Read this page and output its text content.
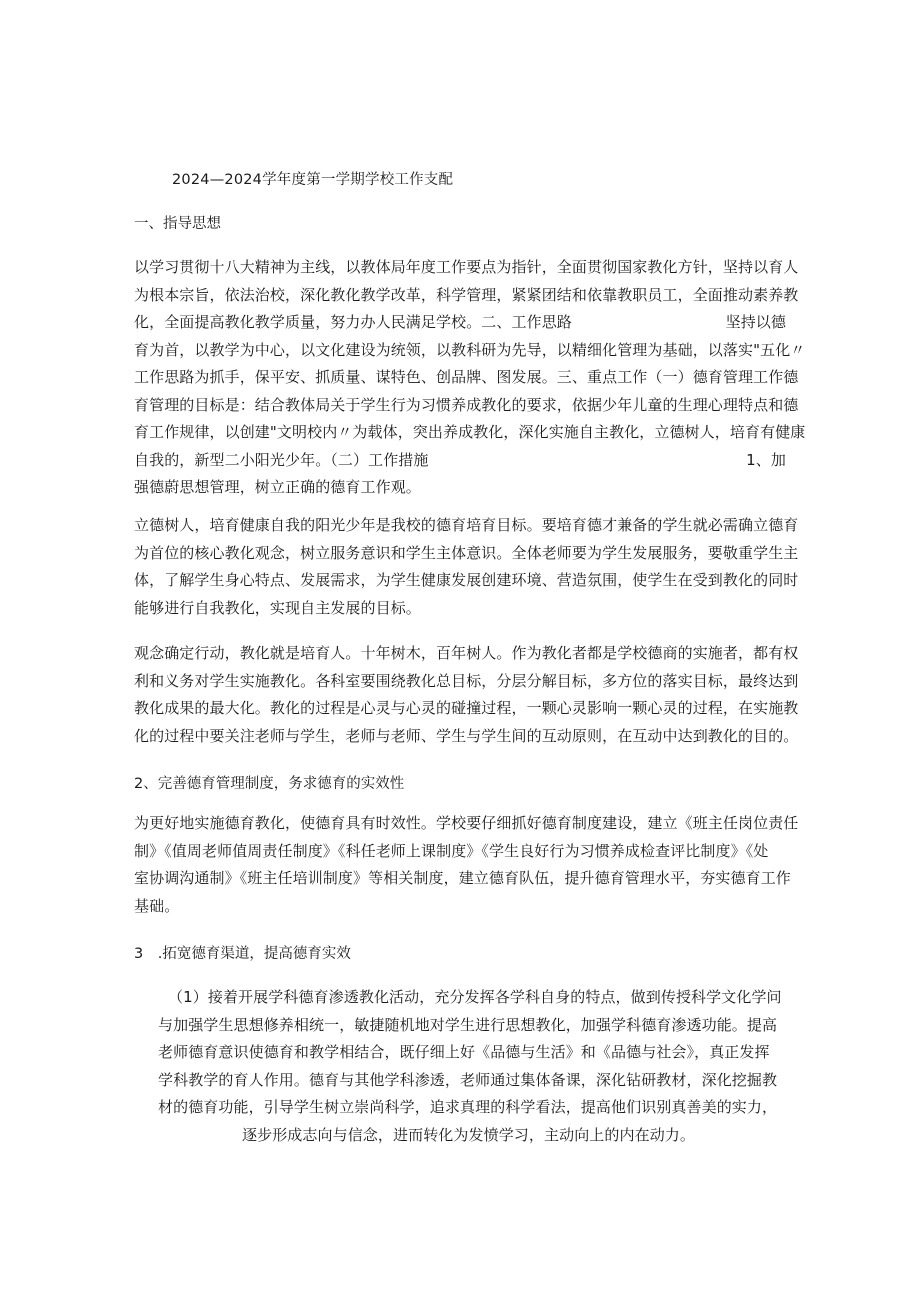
2024—2024学年度第一学期学校工作支配
一、指导思想
以学习贯彻十八大精神为主线，以教体局年度工作要点为指针，全面贯彻国家教化方针，坚持以育人
为根本宗旨，依法治校，深化教化教学改革，科学管理，紧紧团结和依靠教职员工，全面推动素养教
化，全面提高教化教学质量，努力办人民满足学校。二、工作思路	坚持以德
育为首，以教学为中心，以文化建设为统领，以教科研为先导，以精细化管理为基础，以落实"五化〃
工作思路为抓手，保平安、抓质量、谋特色、创品牌、图发展。三、重点工作（一）德育管理工作德
育管理的目标是：结合教体局关于学生行为习惯养成教化的要求，依据少年儿童的生理心理特点和德
育工作规律，以创建"文明校内〃为载体，突出养成教化，深化实施自主教化，立德树人，培育有健康
自我的，新型二小阳光少年。（二）工作措施	1、加
强德蔚思想管理，树立正确的德育工作观。
立德树人，培育健康自我的阳光少年是我校的德育培育目标。要培育德才兼备的学生就必需确立德育
为首位的核心教化观念，树立服务意识和学生主体意识。全体老师要为学生发展服务，要敬重学生主
体，了解学生身心特点、发展需求，为学生健康发展创建环境、营造氛围，使学生在受到教化的同时
能够进行自我教化，实现自主发展的目标。
观念确定行动，教化就是培育人。十年树木，百年树人。作为教化者都是学校德商的实施者，都有权
利和义务对学生实施教化。各科室要围绕教化总目标，分层分解目标，多方位的落实目标，最终达到
教化成果的最大化。教化的过程是心灵与心灵的碰撞过程，一颗心灵影响一颗心灵的过程，在实施教
化的过程中要关注老师与学生，老师与老师、学生与学生间的互动原则，在互动中达到教化的目的。
2、完善德育管理制度，务求德育的实效性
为更好地实施德育教化，使德育具有时效性。学校要仔细抓好德育制度建设，建立《班主任岗位责任
制》《值周老师值周责任制度》《科任老师上课制度》《学生良好行为习惯养成检查评比制度》《处
室协调沟通制》《班主任培训制度》等相关制度，建立德育队伍，提升德育管理水平，夯实德育工作
基础。
3　.拓宽德育渠道，提高德育实效
（1）接着开展学科德育渗透教化活动，充分发挥各学科自身的特点，做到传授科学文化学问
与加强学生思想修养相统一，敏捷随机地对学生进行思想教化，加强学科德育渗透功能。提高
老师德育意识使德育和教学相结合，既仔细上好《品德与生活》和《品德与社会》，真正发挥
学科教学的育人作用。德育与其他学科渗透，老师通过集体备课，深化钻研教材，深化挖掘教
材的德育功能，引导学生树立崇尚科学，追求真理的科学看法，提高他们识别真善美的实力，
逐步形成志向与信念，进而转化为发愤学习，主动向上的内在动力。
